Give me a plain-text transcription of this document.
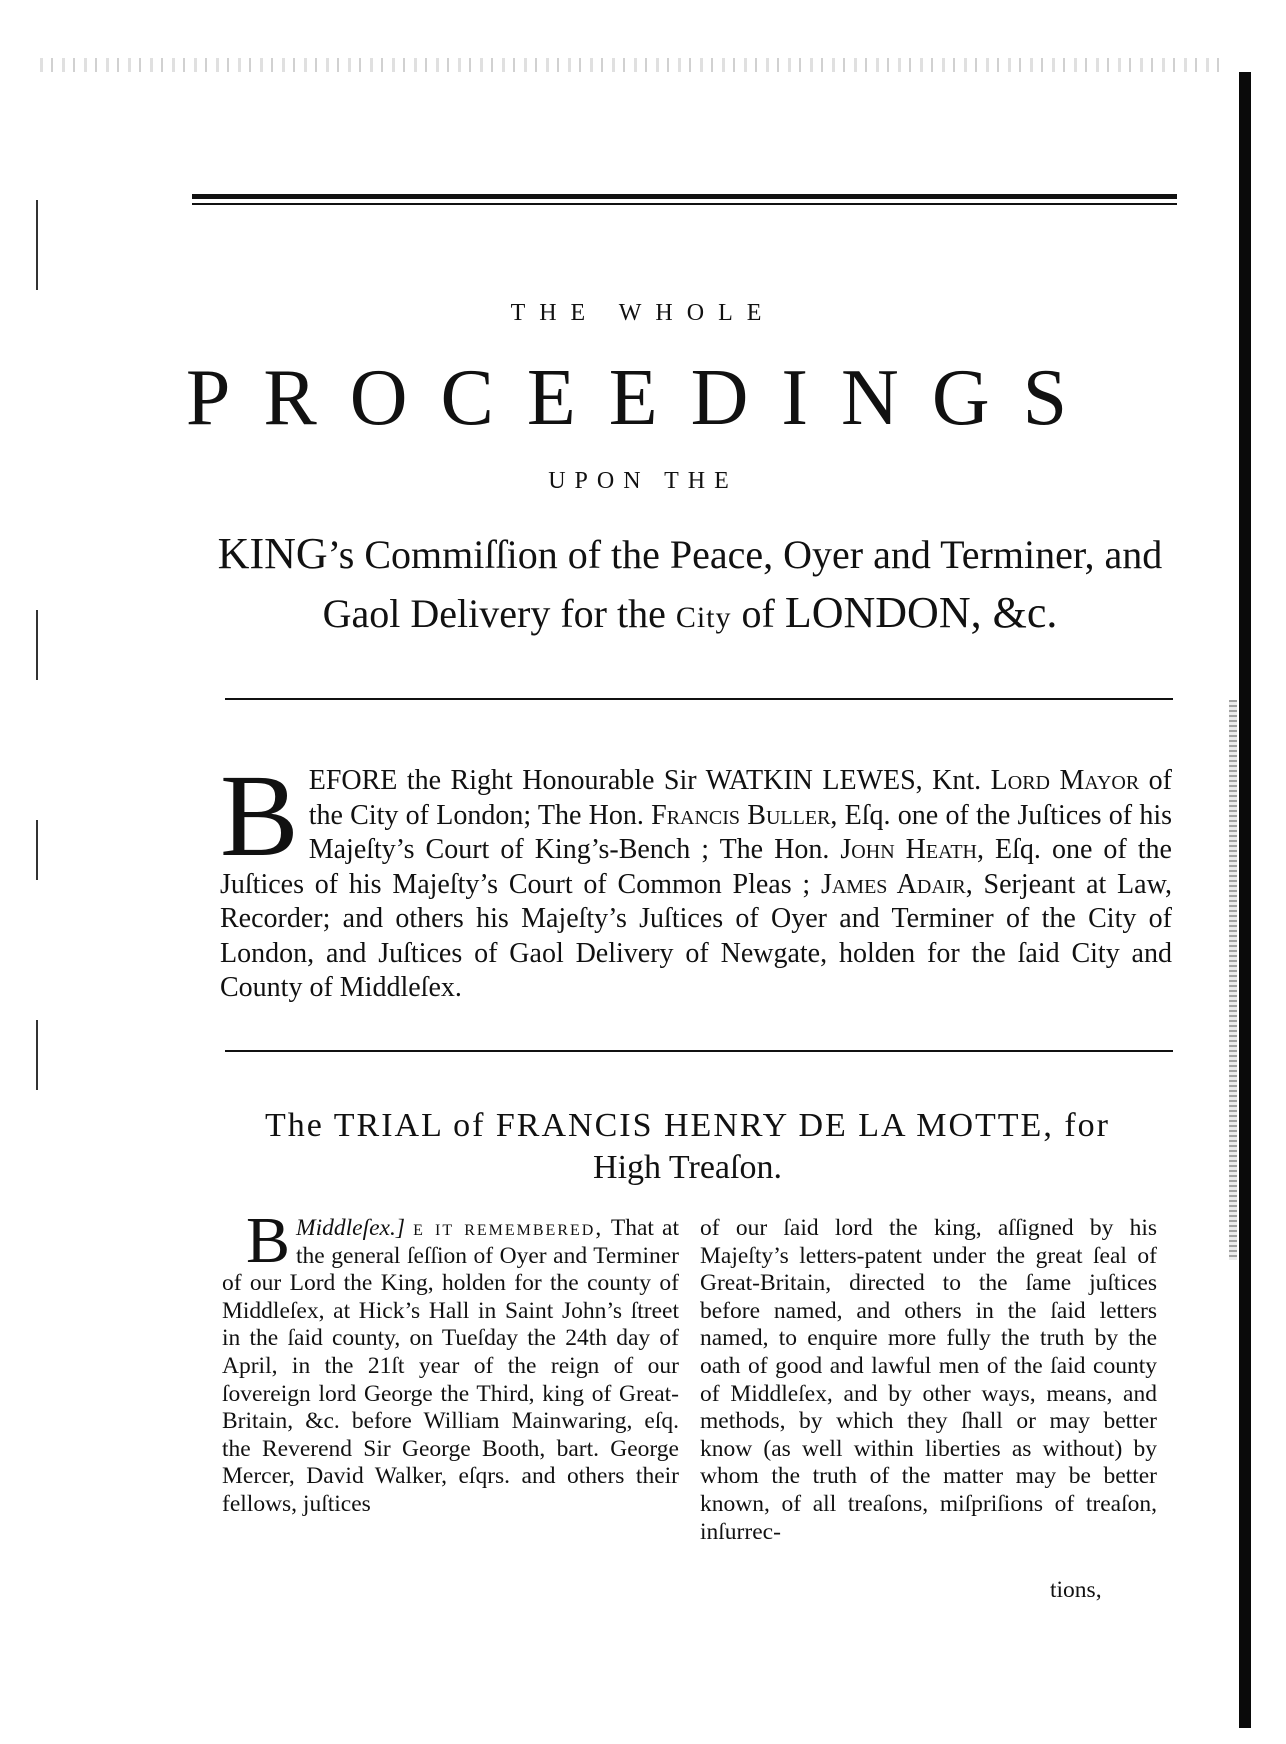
THE WHOLE
PROCEEDINGS
UPON THE
KING’s Commiſſion of the Peace, Oyer and Terminer, and
Gaol Delivery for the City of LONDON, &c.
BEFORE the Right Honourable Sir WATKIN LEWES, Knt. Lord Mayor of the City of London; The Hon. Francis Buller, Eſq. one of the Juſtices of his Majeſty’s Court of King’s-Bench ; The Hon. John Heath, Eſq. one of the Juſtices of his Majeſty’s Court of Common Pleas ; James Adair, Serjeant at Law, Recorder; and others his Majeſty’s Juſtices of Oyer and Terminer of the City of London, and Juſtices of Gaol Delivery of Newgate, holden for the ſaid City and County of Middleſex.
The TRIAL of FRANCIS HENRY DE LA MOTTE, for
High Treaſon.
Middleſex.]
B	e it remembered, That at the general ſeſſion of Oyer and Terminer of our Lord the King, holden for the county of Middleſex, at Hick’s Hall in Saint John’s ſtreet in the ſaid county, on Tueſday the 24th day of April, in the 21ſt year of the reign of our ſovereign lord George the Third, king of Great-Britain, &c. before William Mainwaring, eſq. the Reverend Sir George Booth, bart. George Mercer, David Walker, eſqrs. and others their fellows, juſtices
of our ſaid lord the king, aſſigned by his Majeſty’s letters-patent under the great ſeal of Great-Britain, directed to the ſame juſtices before named, and others in the ſaid letters named, to enquire more fully the truth by the oath of good and lawful men of the ſaid county of Middleſex, and by other ways, means, and methods, by which they ſhall or may better know (as well within liberties as without) by whom the truth of the matter may be better known, of all treaſons, miſpriſions of treaſon, inſurrec-
tions,
